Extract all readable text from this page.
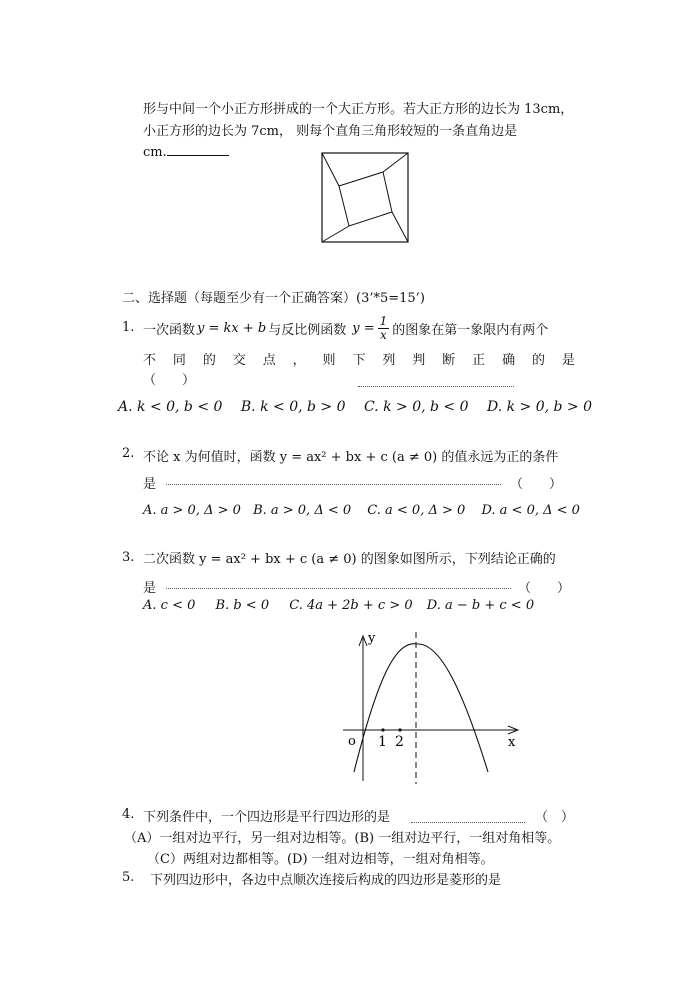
形与中间一个小正方形拼成的一个大正方形。若大正方形的边长为 13cm，
小正方形的边长为 7cm， 则每个直角三角形较短的一条直角边是
cm.
二、选择题（每题至少有一个正确答案）(3’*5=15’)
1. 一次函数 y = kx + b 与反比例函数 $y = \frac{1}{x}$ 的图象在第一象限内有两个
不 同 的 交 点 ， 则 下 列 判 断 正 确 的 是
（　　）
A. k < 0, b < 0 B. k < 0, b > 0 C. k > 0, b < 0 D. k > 0, b > 0
2. 不论 x 为何值时，函数 y = ax² + bx + c (a ≠ 0) 的值永远为正的条件
是	（　　）
A. a > 0, Δ > 0 B. a > 0, Δ < 0 C. a < 0, Δ > 0 D. a < 0, Δ < 0
3. 二次函数 y = ax² + bx + c (a ≠ 0) 的图象如图所示，下列结论正确的
是	（　　）
A. c < 0 B. b < 0 C. 4a + 2b + c > 0 D. a − b + c < 0
y
x
o 1 2
4. 下列条件中，一个四边形是平行四边形的是	（　）
（A）一组对边平行，另一组对边相等。(B) 一组对边平行，一组对角相等。
（C）两组对边都相等。(D) 一组对边相等，一组对角相等。
5. 下列四边形中，各边中点顺次连接后构成的四边形是菱形的是
